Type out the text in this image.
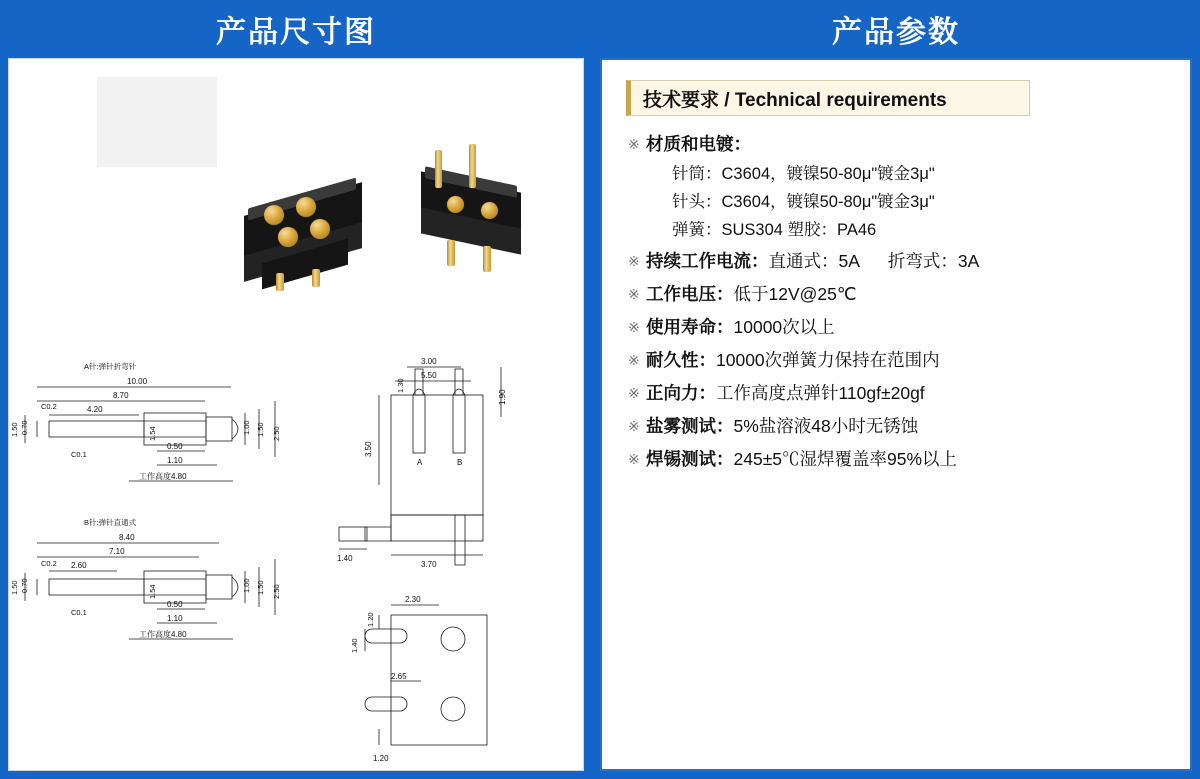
产品尺寸图
A针:弹针折弯针
10.00
8.70
4.20
C0.2
0.70
1.50
C0.1
1.00 1.50 2.50
1.54
0.50
1.10
工作高度4.80
B针:弹针直通式
8.40
7.10
2.60
C0.2
0.70
1.50
C0.1
1.00 1.50 2.50
1.54
0.50
1.10
工作高度4.80
3.00
5.50
A	B
3.50
1.30
1.90
1.40
3.70
2.30
1.20
1.40
2.65
1.20
产品参数
技术要求 / Technical requirements
※ 材质和电镀：
针筒：C3604，镀镍50-80μ"镀金3μ"
针头：C3604，镀镍50-80μ"镀金3μ"
弹簧：SUS304 塑胶：PA46
※ 持续工作电流：直通式：5A 折弯式：3A
※ 工作电压：低于12V@25℃
※ 使用寿命：10000次以上
※ 耐久性：10000次弹簧力保持在范围内
※ 正向力：工作高度点弹针110gf±20gf
※ 盐雾测试：5%盐溶液48小时无锈蚀
※ 焊锡测试：245±5℃湿焊覆盖率95%以上
